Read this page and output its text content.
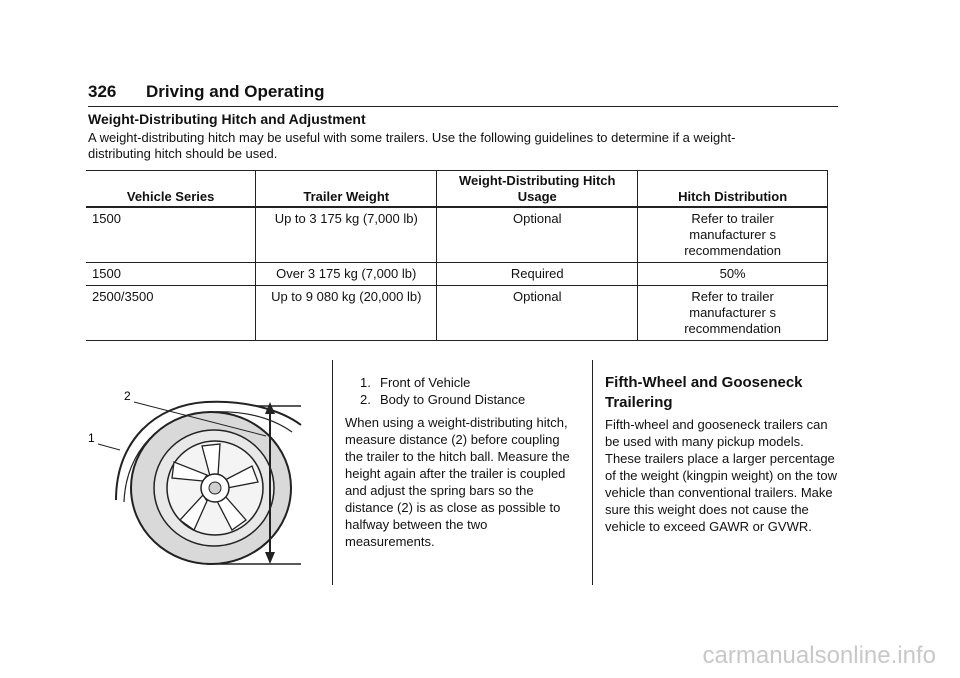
326 Driving and Operating
Weight-Distributing Hitch and Adjustment
A weight-distributing hitch may be useful with some trailers. Use the following guidelines to determine if a weight-distributing hitch should be used.
Vehicle Series	Trailer Weight	Weight-Distributing Hitch Usage	Hitch Distribution
1500	Up to 3 175 kg (7,000 lb)	Optional	Refer to trailer manufacturer s recommendation
1500	Over 3 175 kg (7,000 lb)	Required	50%
2500/3500	Up to 9 080 kg (20,000 lb)	Optional	Refer to trailer manufacturer s recommendation
2
1
1. Front of Vehicle
2. Body to Ground Distance
When using a weight-distributing hitch, measure distance (2) before coupling the trailer to the hitch ball. Measure the height again after the trailer is coupled and adjust the spring bars so the distance (2) is as close as possible to halfway between the two measurements.
Fifth-Wheel and Gooseneck Trailering
Fifth-wheel and gooseneck trailers can be used with many pickup models. These trailers place a larger percentage of the weight (kingpin weight) on the tow vehicle than conventional trailers. Make sure this weight does not cause the vehicle to exceed GAWR or GVWR.
carmanualsonline.info
